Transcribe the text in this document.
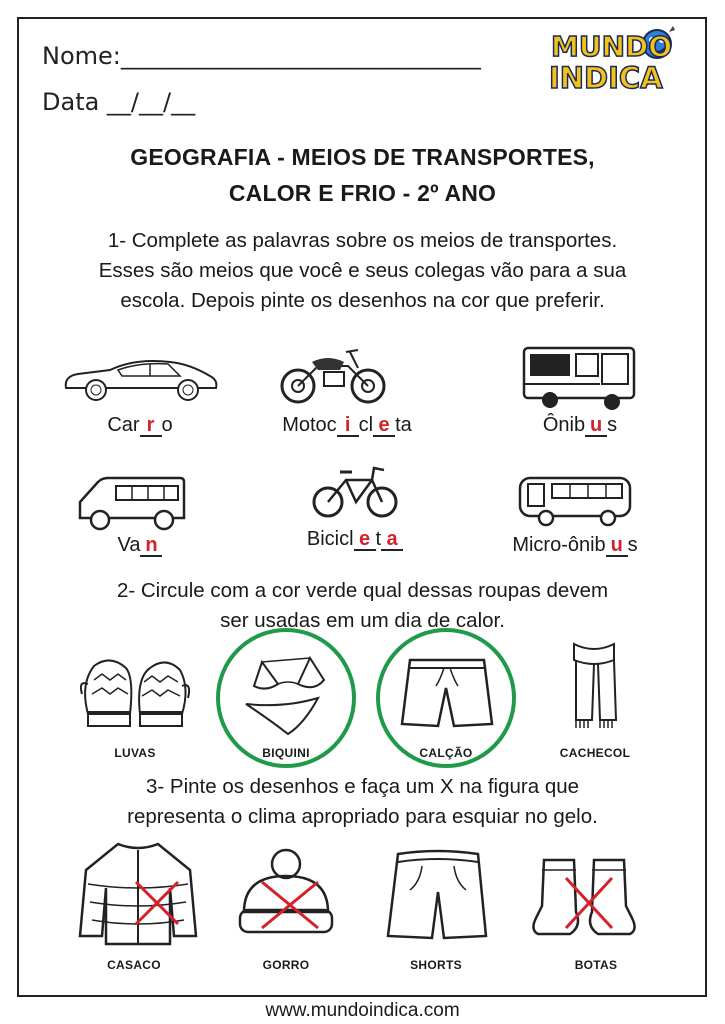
Nome:______________________________
Data __/__/__
MUNDO
INDICA
GEOGRAFIA - MEIOS DE TRANSPORTES,
CALOR E FRIO - 2º ANO
1- Complete as palavras sobre os meios de transportes.
Esses são meios que você e seus colegas vão para a sua
escola. Depois pinte os desenhos na cor que preferir.
Car r o	Motoc i cl e ta	Ônib u s
Va n	Bicicl e t a	Micro-ônib u s
2- Circule com a cor verde qual dessas roupas devem
ser usadas em um dia de calor.
LUVAS	BIQUINI	CALÇÃO	CACHECOL
3- Pinte os desenhos e faça um X na figura que
representa o clima apropriado para esquiar no gelo.
CASACO	GORRO	SHORTS	BOTAS
www.mundoindica.com
